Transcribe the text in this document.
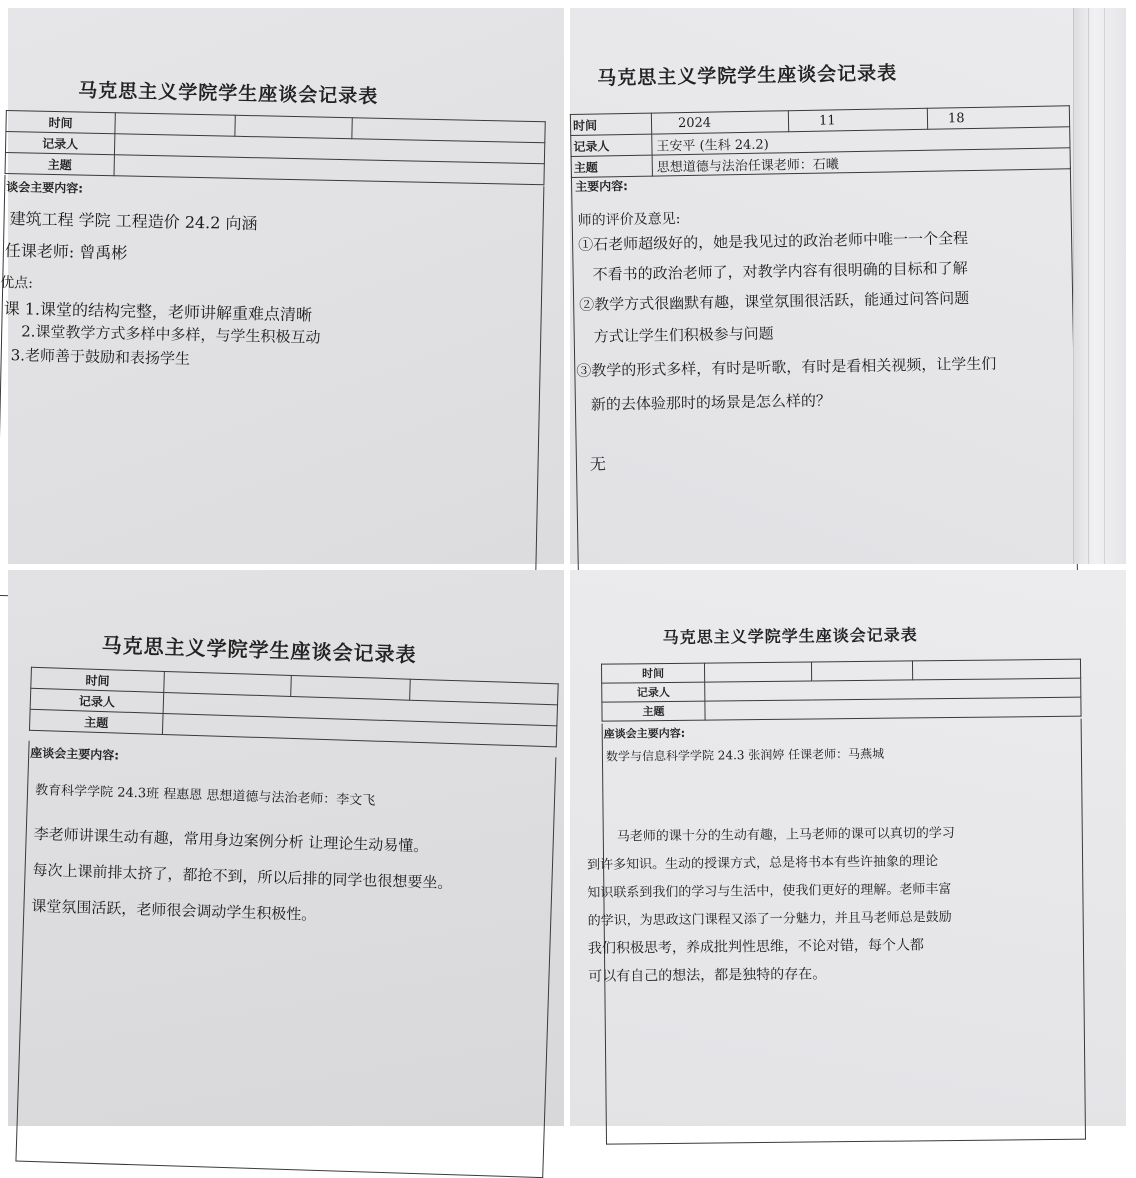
马克思主义学院学生座谈会记录表
时间			
记录人			
主题			
谈会主要内容:
建筑工程 学院 工程造价 24.2 向涵
任课老师: 曾禹彬
优点:
课 1.课堂的结构完整，老师讲解重难点清晰
2.课堂教学方式多样中多样，与学生积极互动
3.老师善于鼓励和表扬学生
马克思主义学院学生座谈会记录表
时间	2024	11	18
记录人	王安平 (生科 24.2)		
主题	思想道德与法治任课老师：石曦		
主要内容:
师的评价及意见:
①石老师超级好的，她是我见过的政治老师中唯一一个全程
不看书的政治老师了，对教学内容有很明确的目标和了解
②教学方式很幽默有趣，课堂氛围很活跃，能通过问答问题
方式让学生们积极参与问题
③教学的形式多样，有时是听歌，有时是看相关视频，让学生们
新的去体验那时的场景是怎么样的？
无
马克思主义学院学生座谈会记录表
时间			
记录人			
主题			
座谈会主要内容:
教育科学学院 24.3班 程惠恩 思想道德与法治老师：李文飞
李老师讲课生动有趣，常用身边案例分析 让理论生动易懂。
每次上课前排太挤了，都抢不到，所以后排的同学也很想要坐。
课堂氛围活跃，老师很会调动学生积极性。
马克思主义学院学生座谈会记录表
时间			
记录人			
主题			
座谈会主要内容:
数学与信息科学学院 24.3 张润婷 任课老师：马燕城
马老师的课十分的生动有趣，上马老师的课可以真切的学习
到许多知识。生动的授课方式，总是将书本有些许抽象的理论
知识联系到我们的学习与生活中，使我们更好的理解。老师丰富
的学识，为思政这门课程又添了一分魅力，并且马老师总是鼓励
我们积极思考，养成批判性思维，不论对错，每个人都
可以有自己的想法，都是独特的存在。
